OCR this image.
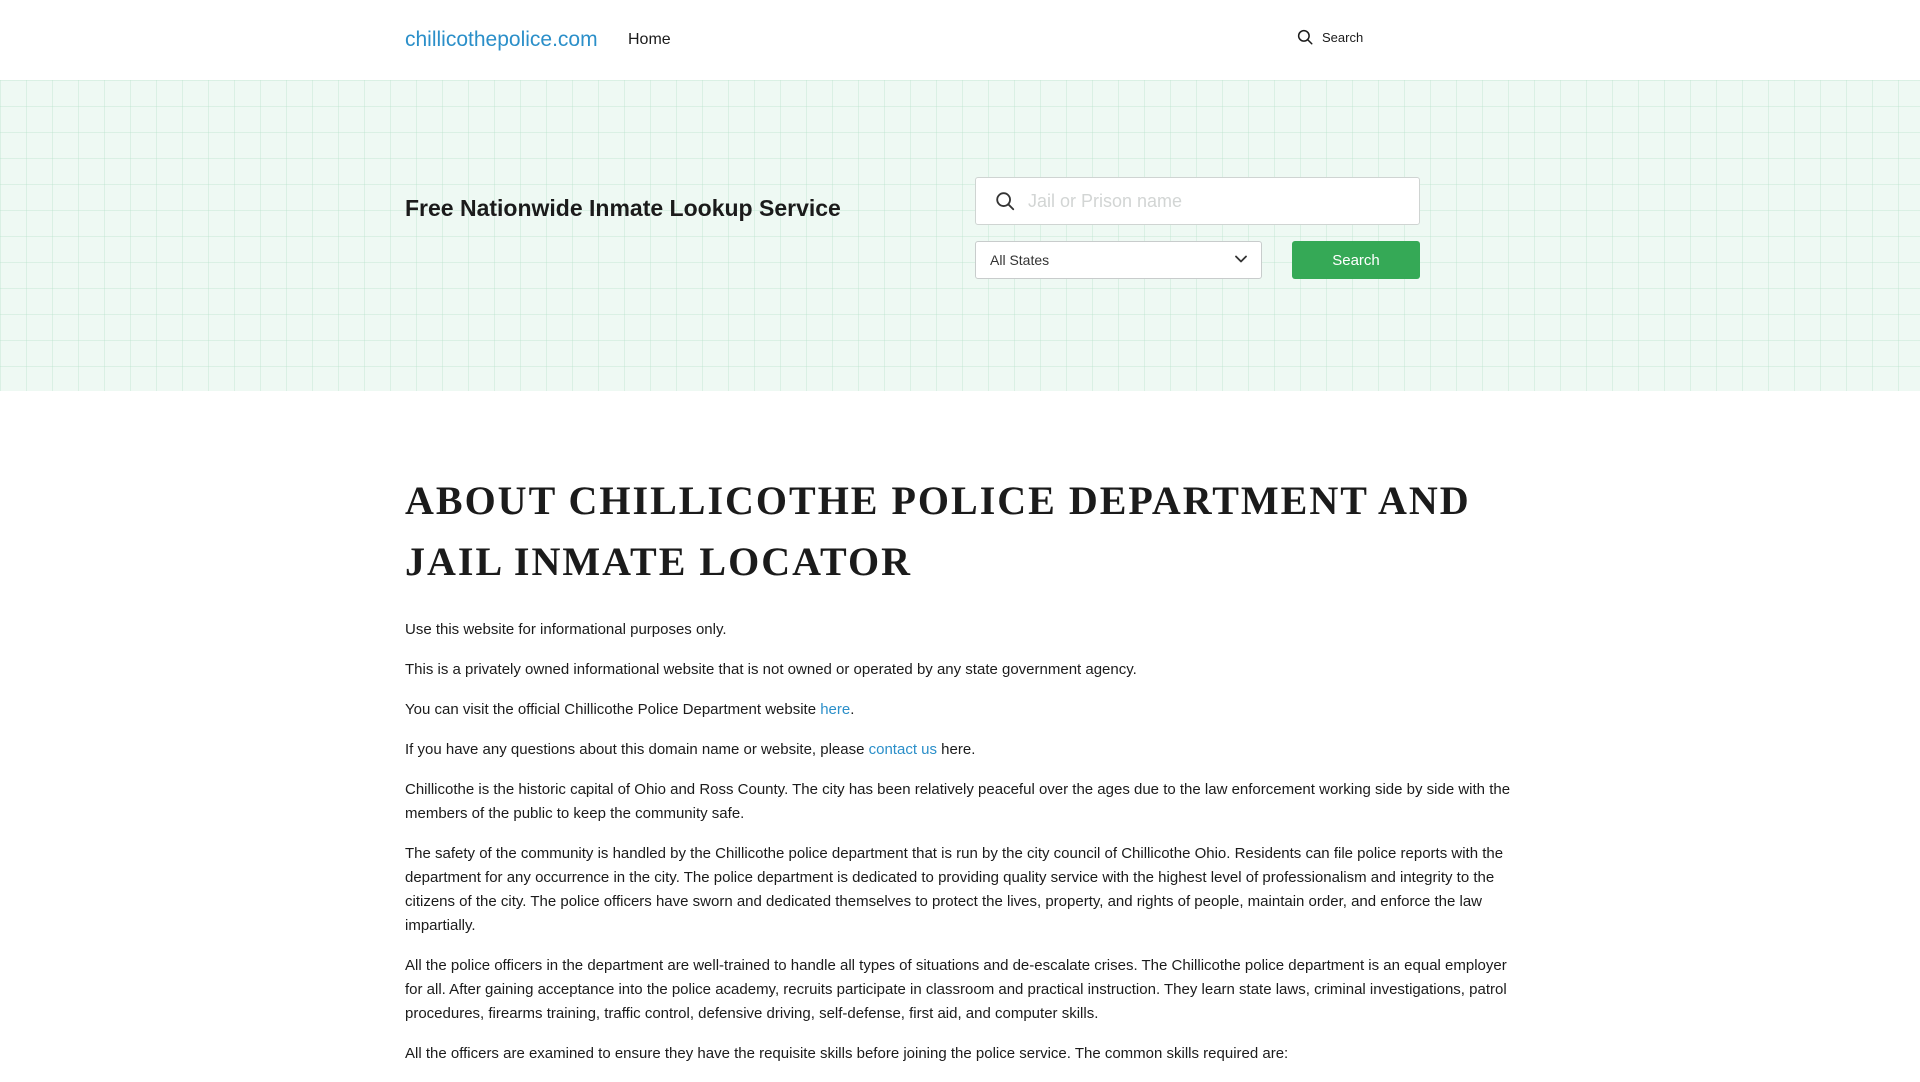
chillicothepolice.com Home	Search
Free Nationwide Inmate Lookup Service
Jail or Prison name
All States	Search
ABOUT CHILLICOTHE POLICE DEPARTMENT AND JAIL INMATE LOCATOR

Use this website for informational purposes only.

This is a privately owned informational website that is not owned or operated by any state government agency.

You can visit the official Chillicothe Police Department website here.

If you have any questions about this domain name or website, please contact us here.

Chillicothe is the historic capital of Ohio and Ross County. The city has been relatively peaceful over the ages due to the law enforcement working side by side with the members of the public to keep the community safe.

The safety of the community is handled by the Chillicothe police department that is run by the city council of Chillicothe Ohio. Residents can file police reports with the department for any occurrence in the city. The police department is dedicated to providing quality service with the highest level of professionalism and integrity to the citizens of the city. The police officers have sworn and dedicated themselves to protect the lives, property, and rights of people, maintain order, and enforce the law impartially.

All the police officers in the department are well-trained to handle all types of situations and de-escalate crises. The Chillicothe police department is an equal employer for all. After gaining acceptance into the police academy, recruits participate in classroom and practical instruction. They learn state laws, criminal investigations, patrol procedures, firearms training, traffic control, defensive driving, self-defense, first aid, and computer skills.

All the officers are examined to ensure they have the requisite skills before joining the police service. The common skills required are:
